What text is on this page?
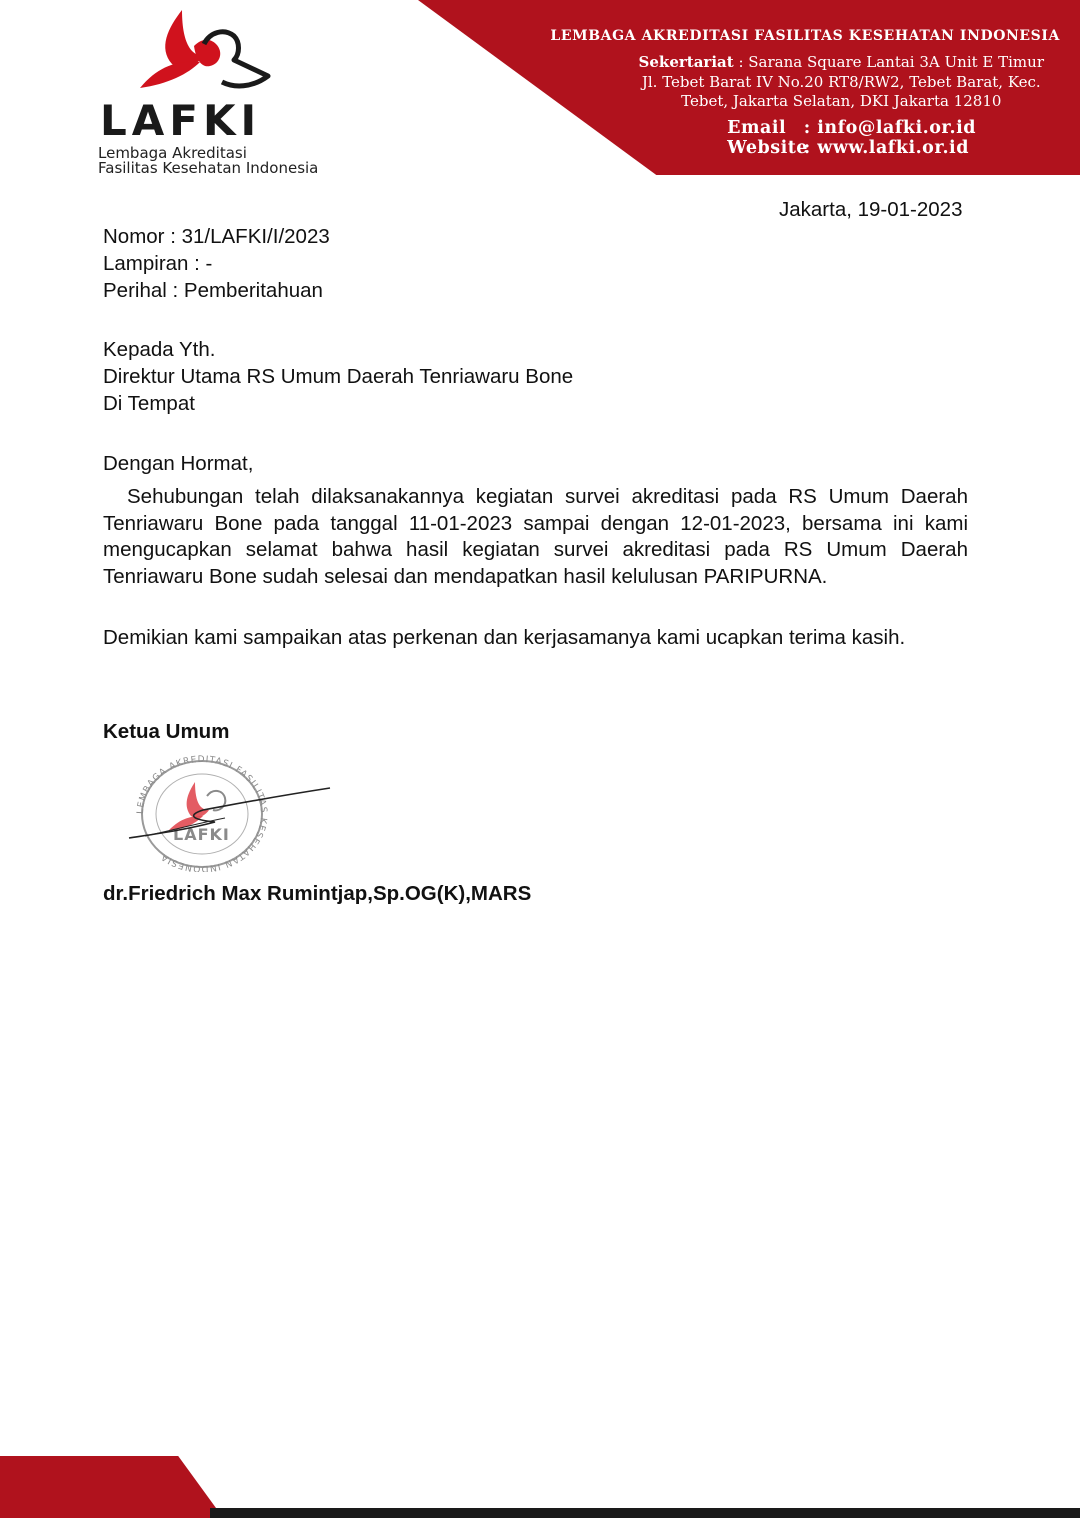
LAFKI
Lembaga Akreditasi
Fasilitas Kesehatan Indonesia
LEMBAGA AKREDITASI FASILITAS KESEHATAN INDONESIA
Sekertariat : Sarana Square Lantai 3A Unit E Timur
Jl. Tebet Barat IV No.20 RT8/RW2, Tebet Barat, Kec.
Tebet, Jakarta Selatan, DKI Jakarta 12810
Email : info@lafki.or.id
Website : www.lafki.or.id
Jakarta, 19-01-2023
Nomor : 31/LAFKI/I/2023
Lampiran : -
Perihal : Pemberitahuan
Kepada Yth.
Direktur Utama RS Umum Daerah Tenriawaru Bone
Di Tempat
Dengan Hormat,
Sehubungan telah dilaksanakannya kegiatan survei akreditasi pada RS Umum Daerah Tenriawaru Bone pada tanggal 11-01-2023 sampai dengan 12-01-2023, bersama ini kami mengucapkan selamat bahwa hasil kegiatan survei akreditasi pada RS Umum Daerah Tenriawaru Bone sudah selesai dan mendapatkan hasil kelulusan PARIPURNA.
Demikian kami sampaikan atas perkenan dan kerjasamanya kami ucapkan terima kasih.
Ketua Umum
LEMBAGA AKREDITASI FASILITAS KESEHATAN INDONESIA
LAFKI
dr.Friedrich Max Rumintjap,Sp.OG(K),MARS
